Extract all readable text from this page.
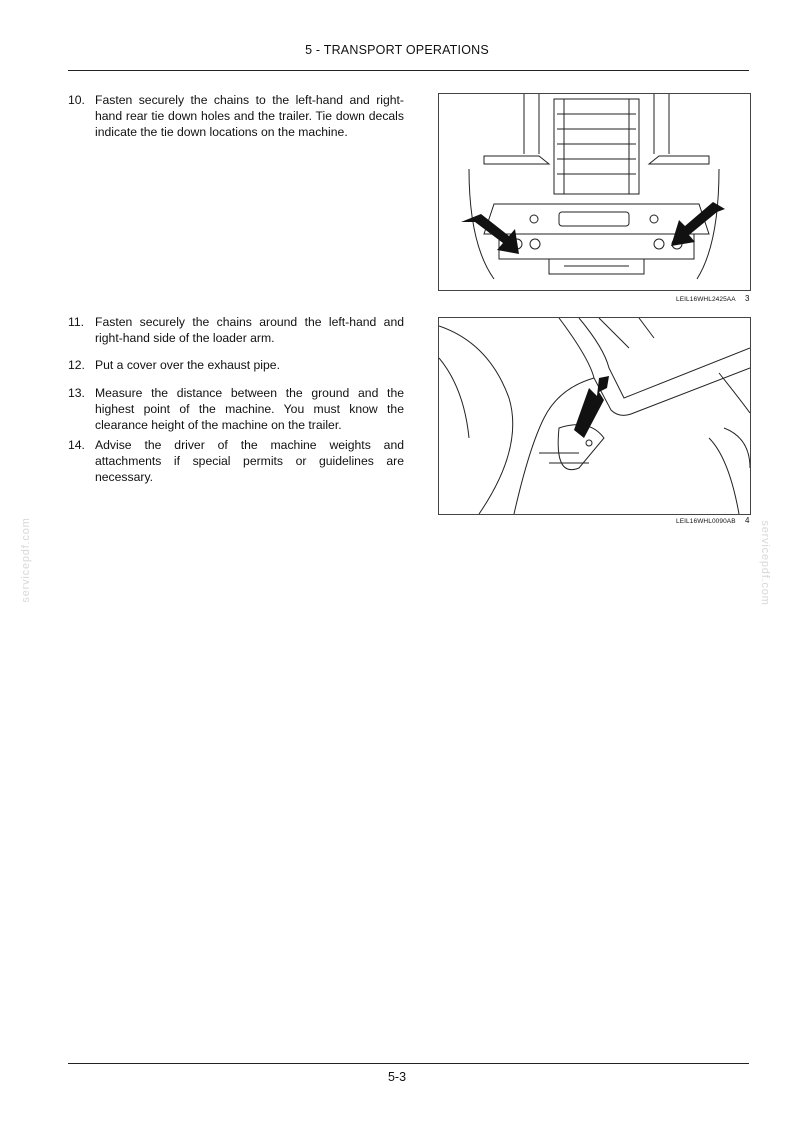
5 - TRANSPORT OPERATIONS
10. Fasten securely the chains to the left-hand and right-hand rear tie down holes and the trailer. Tie down decals indicate the tie down locations on the machine.
11. Fasten securely the chains around the left-hand and right-hand side of the loader arm.
12. Put a cover over the exhaust pipe.
13. Measure the distance between the ground and the highest point of the machine. You must know the clearance height of the machine on the trailer.
14. Advise the driver of the machine weights and attachments if special permits or guidelines are necessary.
LEIL16WHL2425AA 3
LEIL16WHL0090AB 4
servicepdf.com	servicepdf.com
5-3
